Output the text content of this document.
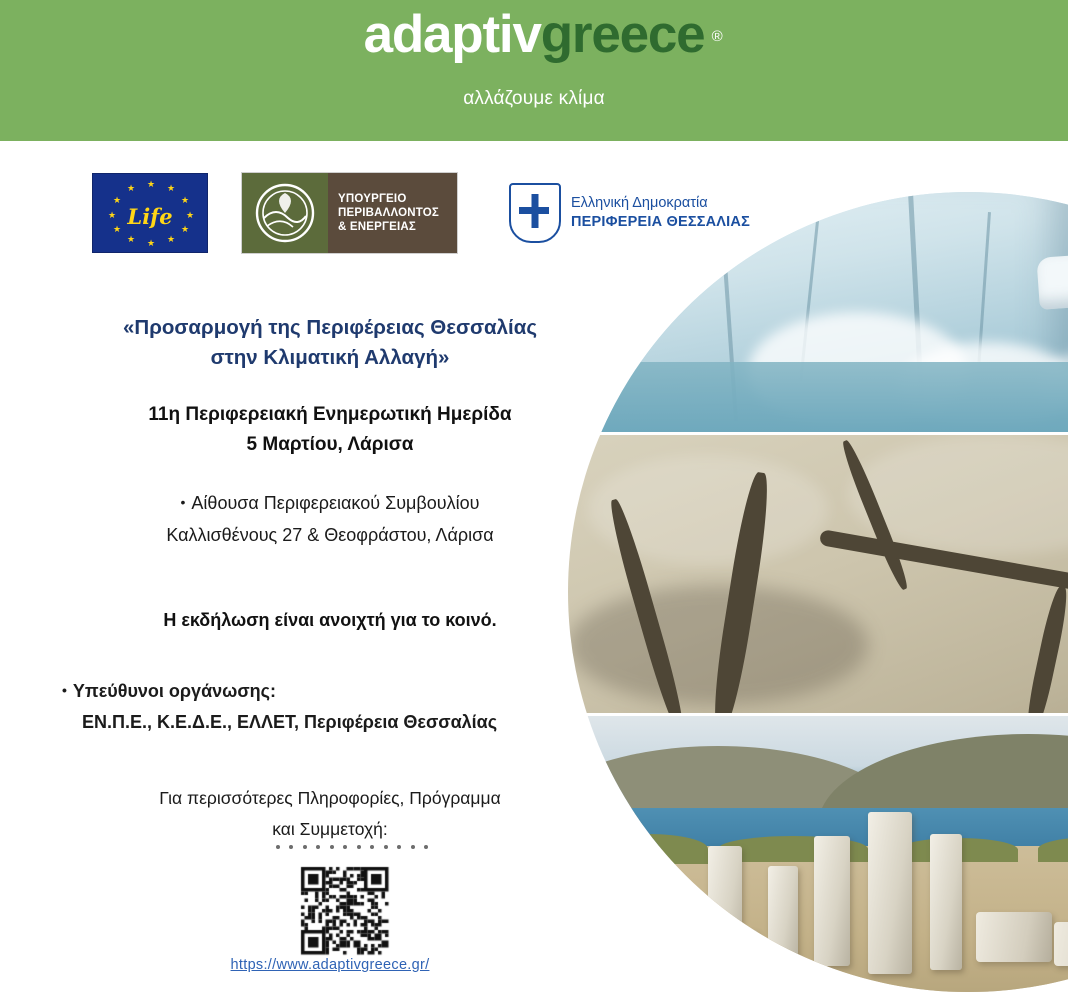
adaptivgreece ®
αλλάζουμε κλίμα
★
★	★
★	★
★	★
★	★
★	★
★
Life
ΥΠΟΥΡΓΕΙΟ
ΠΕΡΙΒΑΛΛΟΝΤΟΣ
& ΕΝΕΡΓΕΙΑΣ
«Προσαρμογή της Περιφέρειας Θεσσαλίας
στην Κλιματική Αλλαγή»
11η Περιφερειακή Ενημερωτική Ημερίδα
5 Μαρτίου, Λάρισα
• Αίθουσα Περιφερειακού Συμβουλίου
Καλλισθένους 27 & Θεοφράστου, Λάρισα
Η εκδήλωση είναι ανοιχτή για το κοινό.
• Υπεύθυνοι οργάνωσης:
ΕΝ.Π.Ε., Κ.Ε.Δ.Ε., ΕΛΛΕΤ, Περιφέρεια Θεσσαλίας
Για περισσότερες Πληροφορίες, Πρόγραμμα
και Συμμετοχή:
https://www.adaptivgreece.gr/
